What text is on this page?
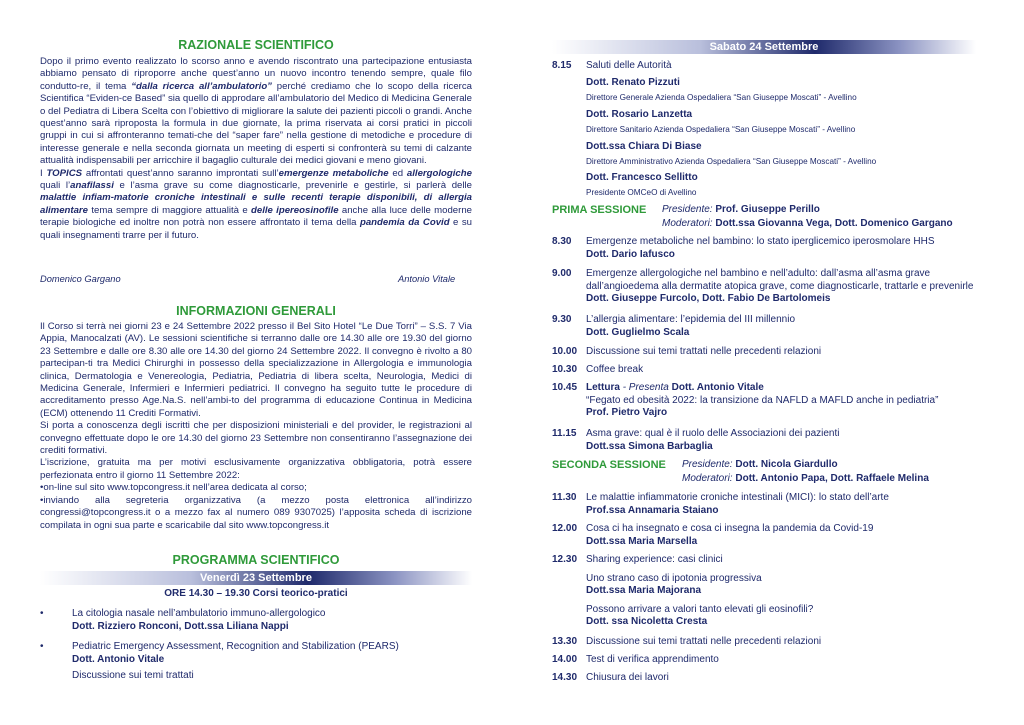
RAZIONALE SCIENTIFICO

Dopo il primo evento realizzato lo scorso anno e avendo riscontrato una partecipazione entusiasta abbiamo pensato di riproporre anche quest’anno un nuovo incontro tenendo sempre, quale filo condutto-re, il tema “dalla ricerca all’ambulatorio” perché crediamo che lo scopo della ricerca Scientifica “Eviden-ce Based” sia quello di approdare all’ambulatorio del Medico di Medicina Generale o del Pediatra di Libera Scelta con l’obiettivo di migliorare la salute dei pazienti piccoli o grandi. Anche quest’anno sarà riproposta la formula in due giornate, la prima riservata ai corsi pratici in piccoli gruppi in cui si affronteranno temati-che del “saper fare” nella gestione di metodiche e procedure di interesse generale e nella seconda giornata un meeting di esperti si confronterà su temi di calzante attualità indispensabili per arricchire il bagaglio culturale dei medici giovani e meno giovani.

I TOPICS affrontati quest’anno saranno improntati sull’emergenze metaboliche ed allergologiche quali l’anafilassi e l’asma grave su come diagnosticarle, prevenirle e gestirle, si parlerà delle malattie infiam-matorie croniche intestinali e sulle recenti terapie disponibili, di allergia alimentare tema sempre di maggiore attualità e delle ipereosinofile anche alla luce delle moderne terapie biologiche ed inoltre non potrà non essere affrontato il tema della pandemia da Covid e su quali insegnamenti trarre per il futuro.

Domenico Gargano	Antonio Vitale
INFORMAZIONI GENERALI

Il Corso si terrà nei giorni 23 e 24 Settembre 2022 presso il Bel Sito Hotel “Le Due Torri” – S.S. 7 Via Appia, Manocalzati (AV). Le sessioni scientifiche si terranno dalle ore 14.30 alle ore 19.30 del giorno 23 Settembre e dalle ore 8.30 alle ore 14.30 del giorno 24 Settembre 2022. Il convegno è rivolto a 80 partecipan-ti tra Medici Chirurghi in possesso della specializzazione in Allergologia e immunologia clinica, Dermatologia e Venereologia, Pediatria, Pediatria di libera scelta, Neurologia, Medici di Medicina Generale, Infermieri e Infermieri pediatrici. Il convegno ha seguito tutte le procedure di accreditamento presso Age.Na.S. nell’ambi-to del programma di educazione Continua in Medicina (ECM) ottenendo 11 Crediti Formativi.

Si porta a conoscenza degli iscritti che per disposizioni ministeriali e del provider, le registrazioni al convegno effettuate dopo le ore 14.30 del giorno 23 Settembre non consentiranno l’assegnazione dei crediti formativi.

L’iscrizione, gratuita ma per motivi esclusivamente organizzativa obbligatoria, potrà essere perfezionata entro il giorno 11 Settembre 2022:

•on-line sul sito www.topcongress.it nell’area dedicata al corso;

•inviando alla segreteria organizzativa (a mezzo posta elettronica all’indirizzo congressi@topcongress.it o a mezzo fax al numero 089 9307025) l’apposita scheda di iscrizione compilata in ogni sua parte e scaricabile dal sito www.topcongress.it

PROGRAMMA SCIENTIFICO
Venerdì 23 Settembre
ORE 14.30 – 19.30 Corsi teorico-pratici
•	La citologia nasale nell’ambulatorio immuno-allergologico
Dott. Rizziero Ronconi, Dott.ssa Liliana Nappi
•	Pediatric Emergency Assessment, Recognition and Stabilization (PEARS)
Dott. Antonio Vitale
Discussione sui temi trattati
Sabato 24 Settembre
8.15 Saluti delle Autorità
Dott. Renato Pizzuti
Direttore Generale Azienda Ospedaliera “San Giuseppe Moscati” - Avellino
Dott. Rosario Lanzetta
Direttore Sanitario Azienda Ospedaliera “San Giuseppe Moscati” - Avellino
Dott.ssa Chiara Di Biase
Direttore Amministrativo Azienda Ospedaliera “San Giuseppe Moscati” - Avellino
Dott. Francesco Sellitto
Presidente OMCeO di Avellino
PRIMA SESSIONE Presidente: Prof. Giuseppe Perillo
Moderatori: Dott.ssa Giovanna Vega, Dott. Domenico Gargano
8.30 Emergenze metaboliche nel bambino: lo stato iperglicemico iperosmolare HHS
Dott. Dario Iafusco
9.00 Emergenze allergologiche nel bambino e nell’adulto: dall’asma all’asma grave dall’angioedema alla dermatite atopica grave, come diagnosticarle, trattarle e prevenirle
Dott. Giuseppe Furcolo, Dott. Fabio De Bartolomeis
9.30 L’allergia alimentare: l’epidemia del III millennio
Dott. Guglielmo Scala
10.00 Discussione sui temi trattati nelle precedenti relazioni
10.30 Coffee break
10.45 Lettura - Presenta Dott. Antonio Vitale
“Fegato ed obesità 2022: la transizione da NAFLD a MAFLD anche in pediatria”
Prof. Pietro Vajro
11.15 Asma grave: qual è il ruolo delle Associazioni dei pazienti
Dott.ssa Simona Barbaglia
SECONDA SESSIONE Presidente: Dott. Nicola Giardullo
Moderatori: Dott. Antonio Papa, Dott. Raffaele Melina
11.30 Le malattie infiammatorie croniche intestinali (MICI): lo stato dell’arte
Prof.ssa Annamaria Staiano
12.00 Cosa ci ha insegnato e cosa ci insegna la pandemia da Covid-19
Dott.ssa Maria Marsella
12.30 Sharing experience: casi clinici
Uno strano caso di ipotonia progressiva
Dott.ssa Maria Majorana
Possono arrivare a valori tanto elevati gli eosinofili?
Dott. ssa Nicoletta Cresta
13.30 Discussione sui temi trattati nelle precedenti relazioni
14.00 Test di verifica apprendimento
14.30 Chiusura dei lavori
